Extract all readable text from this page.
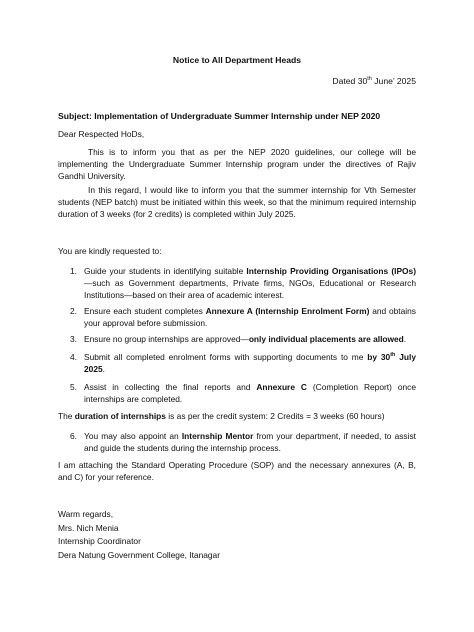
Notice to All Department Heads
Dated 30th June’ 2025
Subject: Implementation of Undergraduate Summer Internship under NEP 2020
Dear Respected HoDs,
This is to inform you that as per the NEP 2020 guidelines, our college will be implementing the Undergraduate Summer Internship program under the directives of Rajiv Gandhi University.
In this regard, I would like to inform you that the summer internship for Vth Semester students (NEP batch) must be initiated within this week, so that the minimum required internship duration of 3 weeks (for 2 credits) is completed within July 2025.
You are kindly requested to:
1. Guide your students in identifying suitable Internship Providing Organisations (IPOs)—such as Government departments, Private firms, NGOs, Educational or Research Institutions—based on their area of academic interest.
2. Ensure each student completes Annexure A (Internship Enrolment Form) and obtains your approval before submission.
3. Ensure no group internships are approved—only individual placements are allowed.
4. Submit all completed enrolment forms with supporting documents to me by 30th July 2025.
5. Assist in collecting the final reports and Annexure C (Completion Report) once internships are completed.
The duration of internships is as per the credit system: 2 Credits = 3 weeks (60 hours)
6. You may also appoint an Internship Mentor from your department, if needed, to assist and guide the students during the internship process.
I am attaching the Standard Operating Procedure (SOP) and the necessary annexures (A, B, and C) for your reference.
Warm regards,
Mrs. Nich Menia
Internship Coordinator
Dera Natung Government College, Itanagar
